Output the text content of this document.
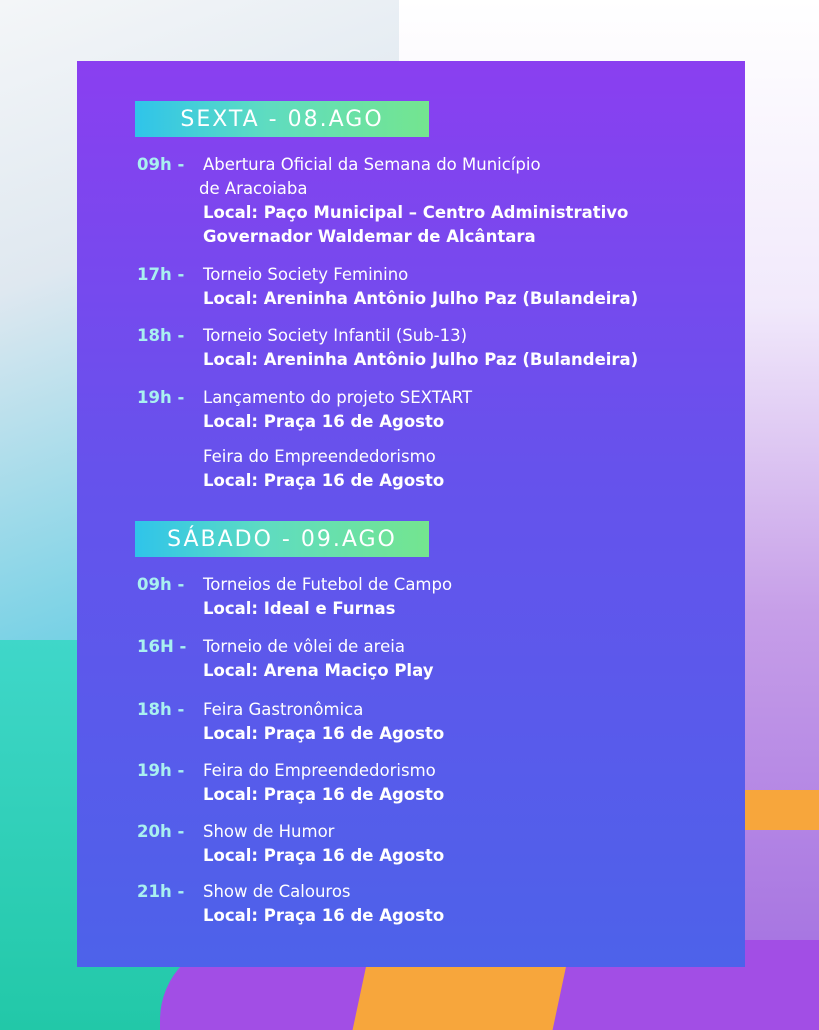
SEXTA - 08.AGO
09h -	Abertura Oficial da Semana do Município
de Aracoiaba
Local: Paço Municipal – Centro Administrativo
Governador Waldemar de Alcântara
17h -	Torneio Society Feminino
Local: Areninha Antônio Julho Paz (Bulandeira)
18h -	Torneio Society Infantil (Sub-13)
Local: Areninha Antônio Julho Paz (Bulandeira)
19h -	Lançamento do projeto SEXTART
Local: Praça 16 de Agosto
Feira do Empreendedorismo
Local: Praça 16 de Agosto
SÁBADO - 09.AGO
09h -	Torneios de Futebol de Campo
Local: Ideal e Furnas
16H -	Torneio de vôlei de areia
Local: Arena Maciço Play
18h -	Feira Gastronômica
Local: Praça 16 de Agosto
19h -	Feira do Empreendedorismo
Local: Praça 16 de Agosto
20h -	Show de Humor
Local: Praça 16 de Agosto
21h -	Show de Calouros
Local: Praça 16 de Agosto
